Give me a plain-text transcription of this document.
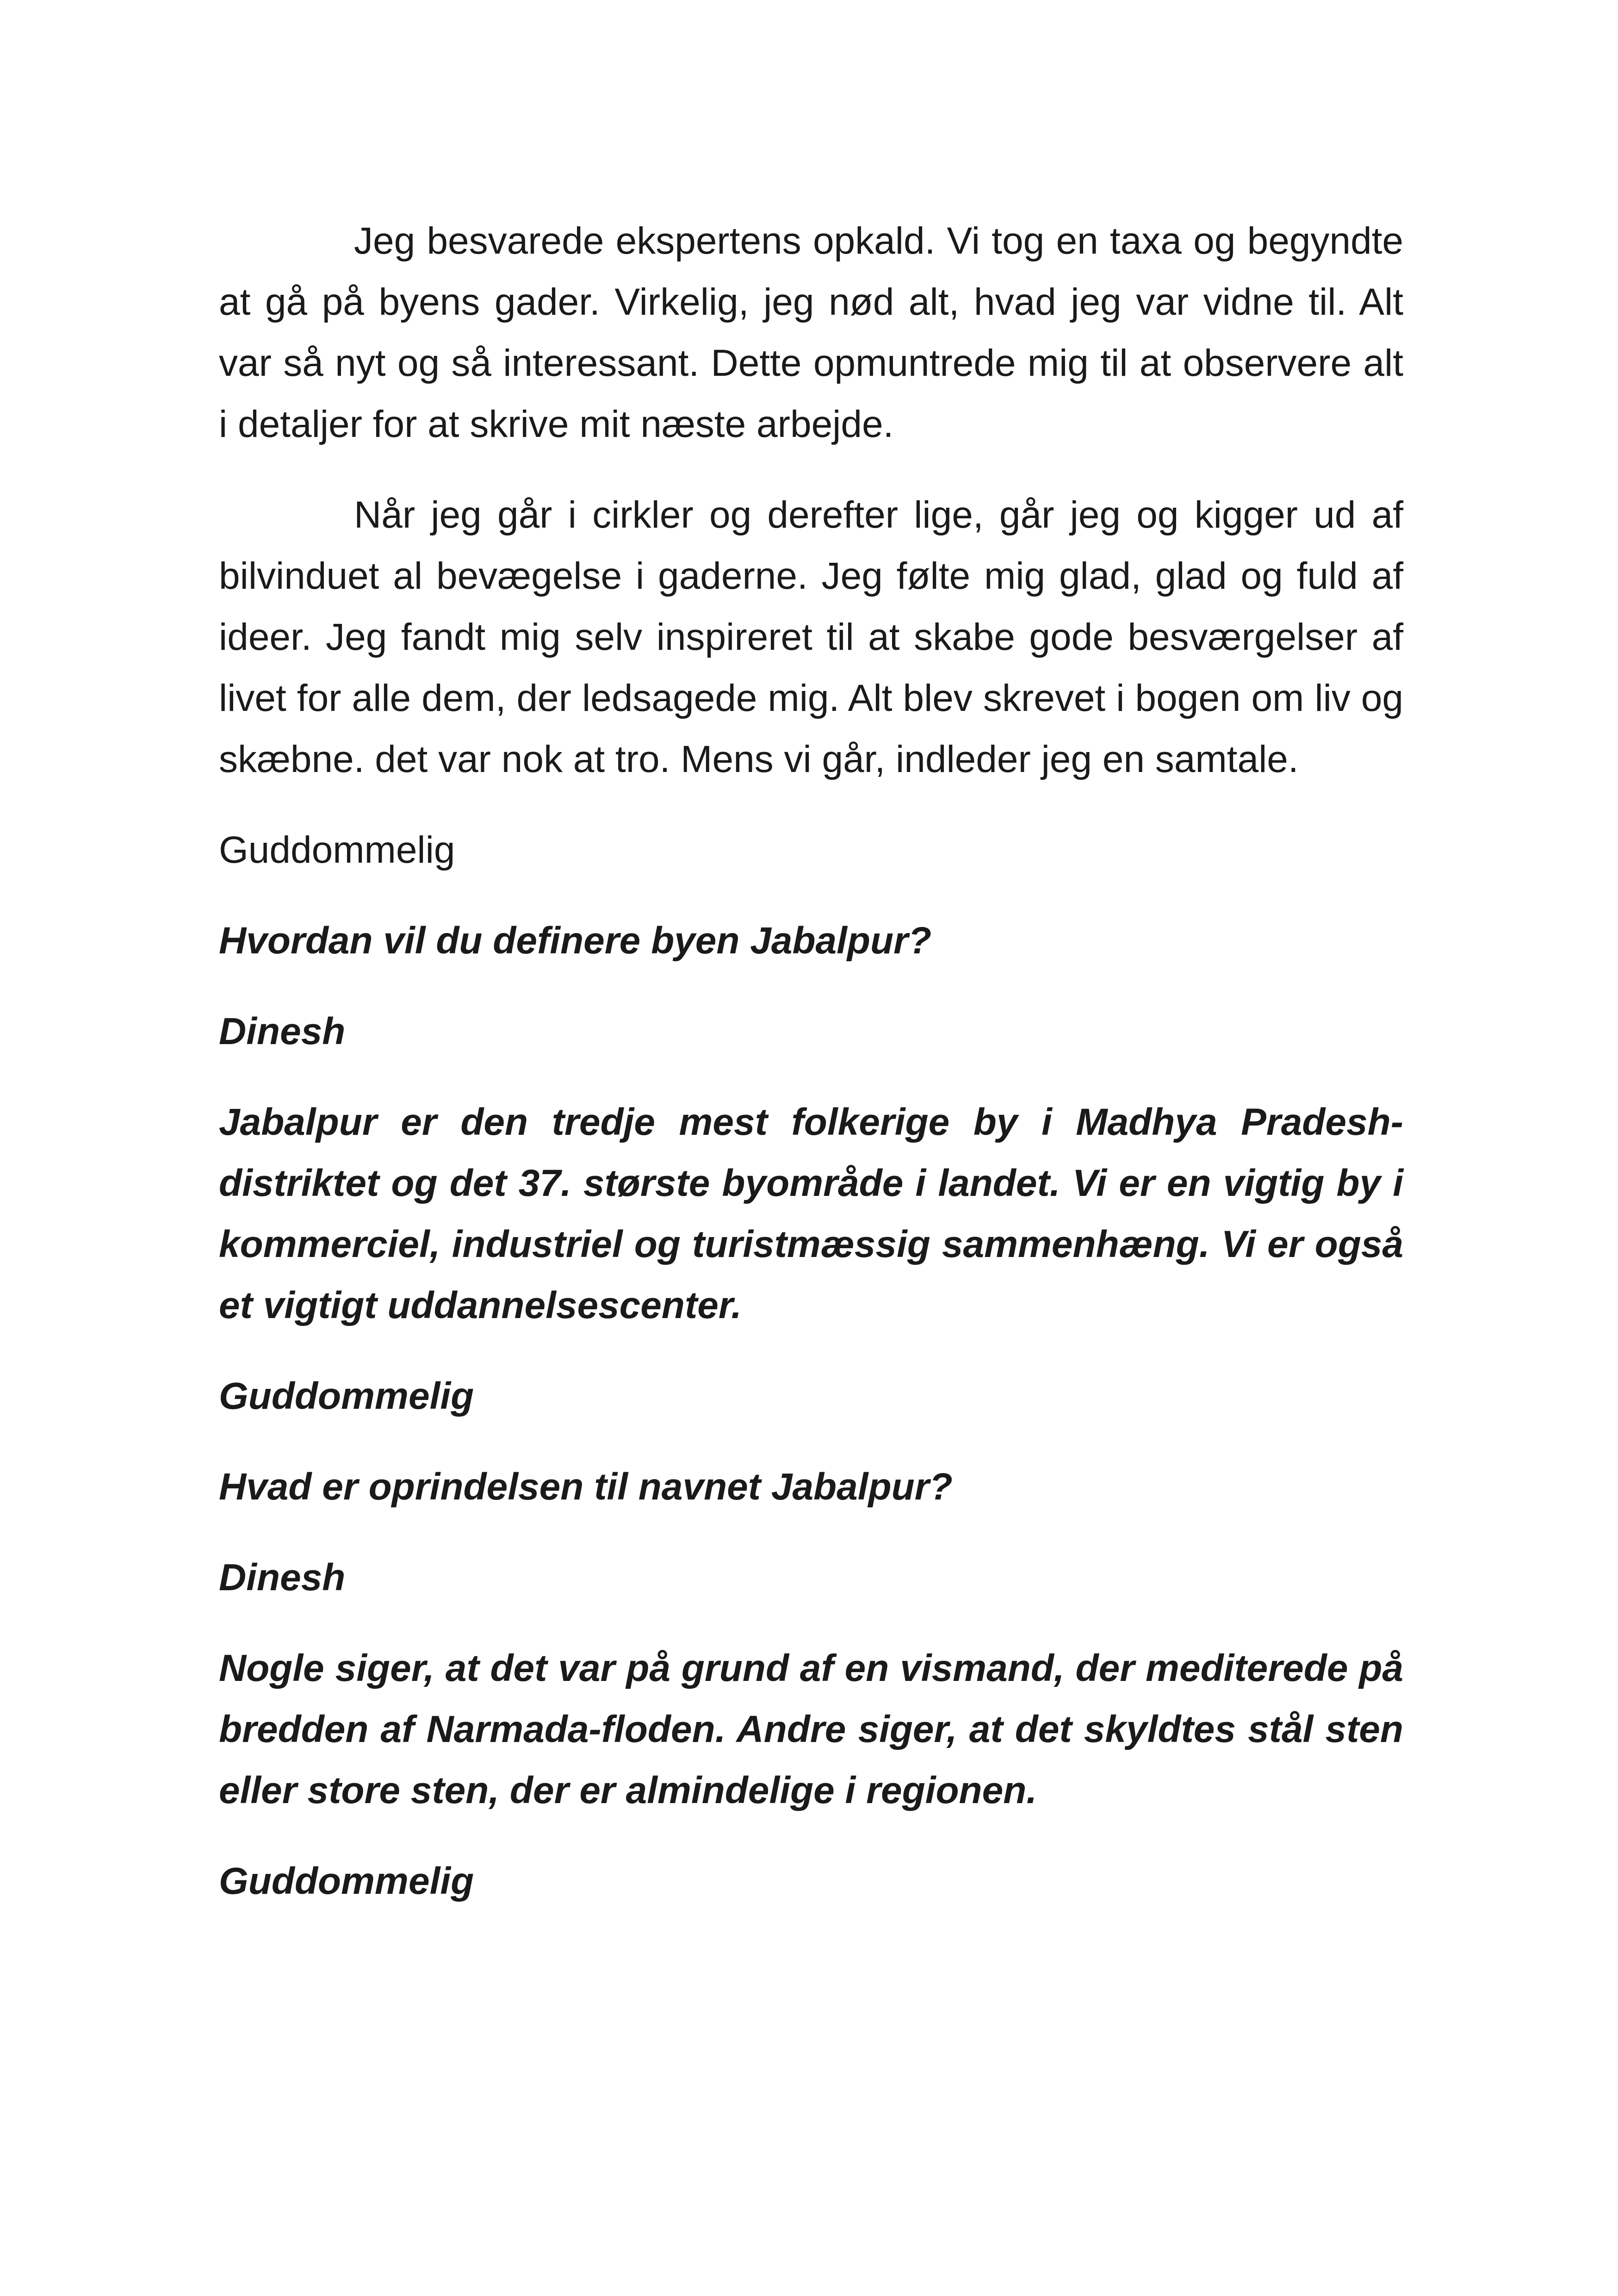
Jeg besvarede ekspertens opkald. Vi tog en taxa og begyndte at gå på byens gader. Virkelig, jeg nød alt, hvad jeg var vidne til. Alt var så nyt og så interessant. Dette opmuntrede mig til at observere alt i detaljer for at skrive mit næste arbejde.

Når jeg går i cirkler og derefter lige, går jeg og kigger ud af bilvinduet al bevægelse i gaderne. Jeg følte mig glad, glad og fuld af ideer. Jeg fandt mig selv inspireret til at skabe gode besværgelser af livet for alle dem, der ledsagede mig. Alt blev skrevet i bogen om liv og skæbne. det var nok at tro. Mens vi går, indleder jeg en samtale.

Guddommelig

Hvordan vil du definere byen Jabalpur?

Dinesh

Jabalpur er den tredje mest folkerige by i Madhya Pradesh-distriktet og det 37. største byområde i landet. Vi er en vigtig by i kommerciel, industriel og turistmæssig sammenhæng. Vi er også et vigtigt uddannelsescenter.

Guddommelig

Hvad er oprindelsen til navnet Jabalpur?

Dinesh

Nogle siger, at det var på grund af en vismand, der mediterede på bredden af Narmada-floden. Andre siger, at det skyldtes stål sten eller store sten, der er almindelige i regionen.

Guddommelig
